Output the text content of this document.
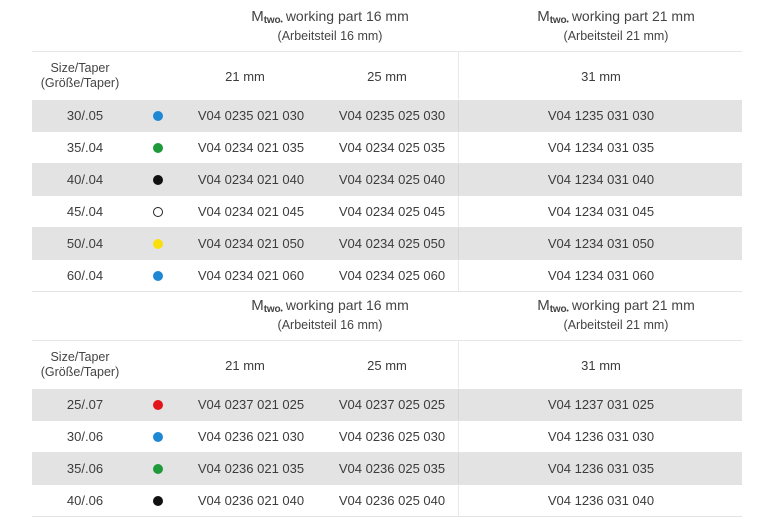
Mtwo$_•$ working part 16 mm
(Arbeitsteil 16 mm)
Mtwo$_•$ working part 21 mm
(Arbeitsteil 21 mm)
Size/Taper
(Größe/Taper)	21 mm	25 mm	31 mm
30/.05	V04 0235 021 030	V04 0235 025 030	V04 1235 031 030
35/.04	V04 0234 021 035	V04 0234 025 035	V04 1234 031 035
40/.04	V04 0234 021 040	V04 0234 025 040	V04 1234 031 040
45/.04	V04 0234 021 045	V04 0234 025 045	V04 1234 031 045
50/.04	V04 0234 021 050	V04 0234 025 050	V04 1234 031 050
60/.04	V04 0234 021 060	V04 0234 025 060	V04 1234 031 060
Mtwo$_•$ working part 16 mm
(Arbeitsteil 16 mm)
Mtwo$_•$ working part 21 mm
(Arbeitsteil 21 mm)
Size/Taper
(Größe/Taper)	21 mm	25 mm	31 mm
25/.07	V04 0237 021 025	V04 0237 025 025	V04 1237 031 025
30/.06	V04 0236 021 030	V04 0236 025 030	V04 1236 031 030
35/.06	V04 0236 021 035	V04 0236 025 035	V04 1236 031 035
40/.06	V04 0236 021 040	V04 0236 025 040	V04 1236 031 040
